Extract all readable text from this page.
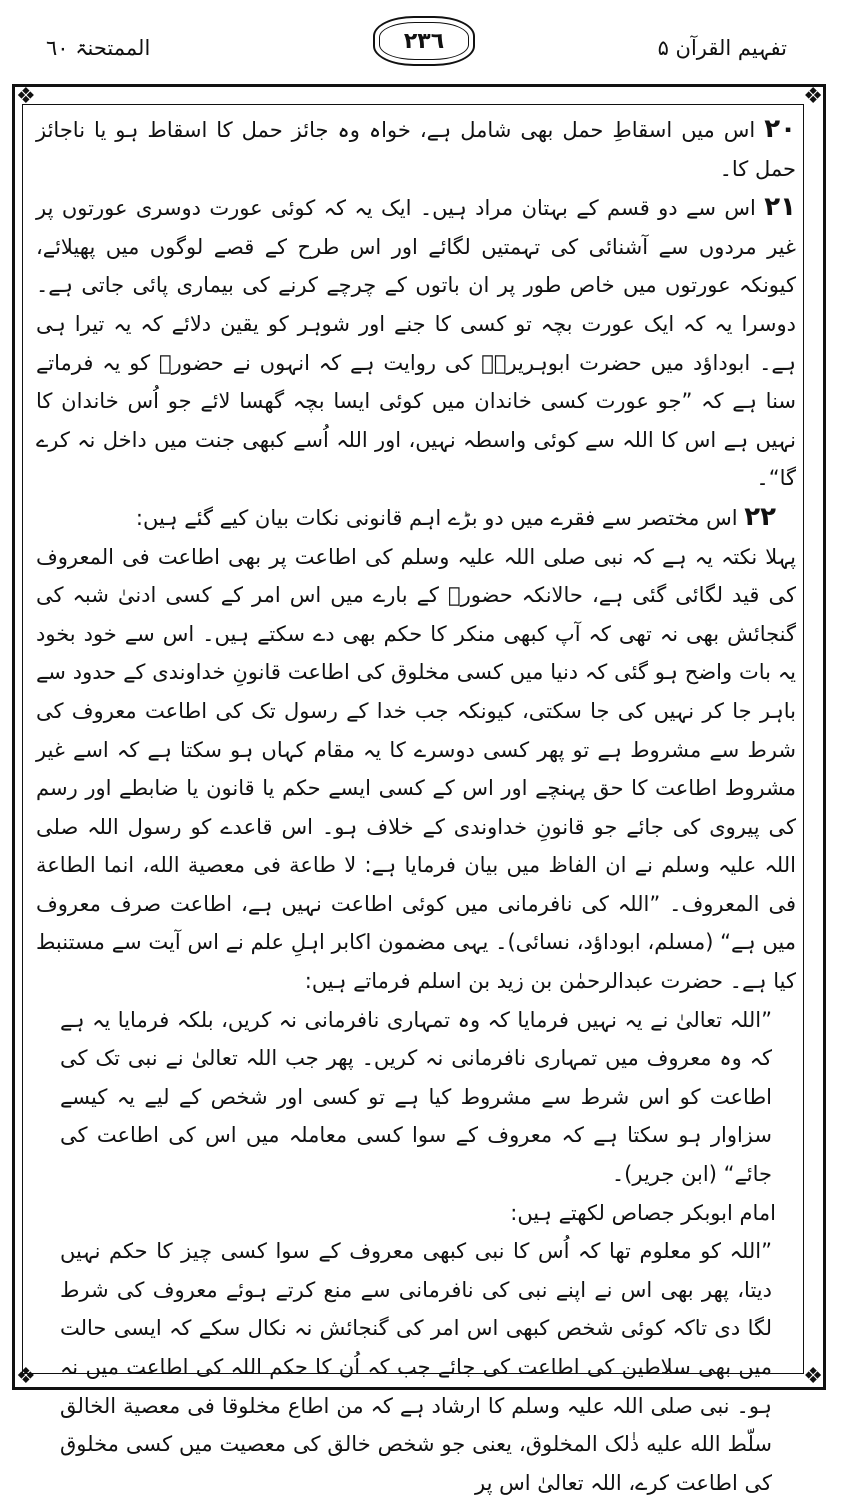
الممتحنۃ ٦٠	٢٣٦	تفہیم القرآن ۵
❖	❖
❖	❖

۲۰ اس میں اسقاطِ حمل بھی شامل ہے، خواہ وہ جائز حمل کا اسقاط ہو یا ناجائز حمل کا۔

۲۱ اس سے دو قسم کے بہتان مراد ہیں۔ ایک یہ کہ کوئی عورت دوسری عورتوں پر غیر مردوں سے آشنائی کی تہمتیں لگائے اور اس طرح کے قصے لوگوں میں پھیلائے، کیونکہ عورتوں میں خاص طور پر ان باتوں کے چرچے کرنے کی بیماری پائی جاتی ہے۔ دوسرا یہ کہ ایک عورت بچہ تو کسی کا جنے اور شوہر کو یقین دلائے کہ یہ تیرا ہی ہے۔ ابوداؤد میں حضرت ابوہریرہؓ کی روایت ہے کہ انہوں نے حضورؐ کو یہ فرماتے سنا ہے کہ ”جو عورت کسی خاندان میں کوئی ایسا بچہ گھسا لائے جو اُس خاندان کا نہیں ہے اس کا اللہ سے کوئی واسطہ نہیں، اور اللہ اُسے کبھی جنت میں داخل نہ کرے گا“۔

۲۲ اس مختصر سے فقرے میں دو بڑے اہم قانونی نکات بیان کیے گئے ہیں:

پہلا نکتہ یہ ہے کہ نبی صلی اللہ علیہ وسلم کی اطاعت پر بھی اطاعت فی المعروف کی قید لگائی گئی ہے، حالانکہ حضورؐ کے بارے میں اس امر کے کسی ادنیٰ شبہ کی گنجائش بھی نہ تھی کہ آپ کبھی منکر کا حکم بھی دے سکتے ہیں۔ اس سے خود بخود یہ بات واضح ہو گئی کہ دنیا میں کسی مخلوق کی اطاعت قانونِ خداوندی کے حدود سے باہر جا کر نہیں کی جا سکتی، کیونکہ جب خدا کے رسول تک کی اطاعت معروف کی شرط سے مشروط ہے تو پھر کسی دوسرے کا یہ مقام کہاں ہو سکتا ہے کہ اسے غیر مشروط اطاعت کا حق پہنچے اور اس کے کسی ایسے حکم یا قانون یا ضابطے اور رسم کی پیروی کی جائے جو قانونِ خداوندی کے خلاف ہو۔ اس قاعدے کو رسول اللہ صلی اللہ علیہ وسلم نے ان الفاظ میں بیان فرمایا ہے: لا طاعة فی معصیة الله، انما الطاعة فی المعروف۔ ”اللہ کی نافرمانی میں کوئی اطاعت نہیں ہے، اطاعت صرف معروف میں ہے“ (مسلم، ابوداؤد، نسائی)۔ یہی مضمون اکابر اہلِ علم نے اس آیت سے مستنبط کیا ہے۔ حضرت عبدالرحمٰن بن زید بن اسلم فرماتے ہیں:

”اللہ تعالیٰ نے یہ نہیں فرمایا کہ وہ تمہاری نافرمانی نہ کریں، بلکہ فرمایا یہ ہے کہ وہ معروف میں تمہاری نافرمانی نہ کریں۔ پھر جب اللہ تعالیٰ نے نبی تک کی اطاعت کو اس شرط سے مشروط کیا ہے تو کسی اور شخص کے لیے یہ کیسے سزاوار ہو سکتا ہے کہ معروف کے سوا کسی معاملہ میں اس کی اطاعت کی جائے“ (ابن جریر)۔

امام ابوبکر جصاص لکھتے ہیں:

”اللہ کو معلوم تھا کہ اُس کا نبی کبھی معروف کے سوا کسی چیز کا حکم نہیں دیتا، پھر بھی اس نے اپنے نبی کی نافرمانی سے منع کرتے ہوئے معروف کی شرط لگا دی تاکہ کوئی شخص کبھی اس امر کی گنجائش نہ نکال سکے کہ ایسی حالت میں بھی سلاطین کی اطاعت کی جائے جب کہ اُن کا حکم اللہ کی اطاعت میں نہ ہو۔ نبی صلی اللہ علیہ وسلم کا ارشاد ہے کہ من اطاع مخلوقا فی معصیة الخالق سلّط الله علیه ذٰلک المخلوق، یعنی جو شخص خالق کی معصیت میں کسی مخلوق کی اطاعت کرے، اللہ تعالیٰ اس پر
